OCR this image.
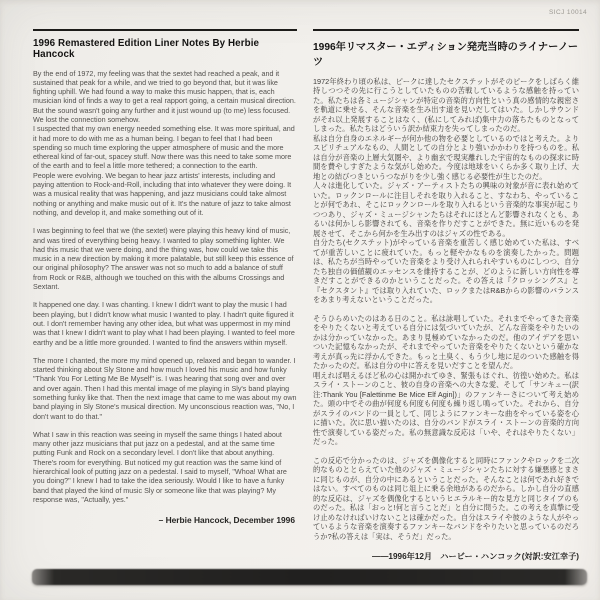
SICJ 10014
1996 Remastered Edition Liner Notes By Herbie Hancock

By the end of 1972, my feeling was that the sextet had reached a peak, and it sustained that peak for a while, and we tried to go beyond that, but it was like fighting uphill. We had found a way to make this music happen, that is, each musician kind of finds a way to get a real rapport going, a certain musical direction. But the sound wasn't going any further and it just wound up (to me) less focused. We lost the connection somehow.

I suspected that my own energy needed something else. It was more spiritual, and it had more to do with me as a human being. I began to feel that I had been spending so much time exploring the upper atmosphere of music and the more ethereal kind of far-out, spacey stuff. Now there was this need to take some more of the earth and to feel a little more tethered; a connection to the earth.

People were evolving. We began to hear jazz artists' interests, including and paying attention to Rock-and-Roll, including that into whatever they were doing. It was a musical reality that was happening, and jazz musicians could take almost nothing or anything and make music out of it. It's the nature of jazz to take almost nothing, and develop it, and make something out of it.

I was beginning to feel that we (the sextet) were playing this heavy kind of music, and was tired of everything being heavy. I wanted to play something lighter. We had this music that we were doing, and the thing was, how could we take this music in a new direction by making it more palatable, but still keep this essence of our original philosophy? The answer was not so much to add a balance of stuff from Rock or R&B, although we touched on this with the albums Crossings and Sextant.

It happened one day. I was chanting. I knew I didn't want to play the music I had been playing, but I didn't know what music I wanted to play. I hadn't quite figured it out. I don't remember having any other idea, but what was uppermost in my mind was that I knew I didn't want to play what I had been playing. I wanted to feel more earthy and be a little more grounded. I wanted to find the answers within myself.

The more I chanted, the more my mind opened up, relaxed and began to wander. I started thinking about Sly Stone and how much I loved his music and how funky "Thank You For Letting Me Be Myself" is. I was hearing that song over and over and over again. Then I had this mental image of me playing in Sly's band playing something funky like that. Then the next image that came to me was about my own band playing in Sly Stone's musical direction. My unconscious reaction was, "No, I don't want to do that."

What I saw in this reaction was seeing in myself the same things I hated about many other jazz musicians that put jazz on a pedestal, and at the same time putting Funk and Rock on a secondary level. I don't like that about anything. There's room for everything. But noticed my gut reaction was the same kind of hierarchical look of putting jazz on a pedestal. I said to myself, "Whoa! What are you doing?" I knew I had to take the idea seriously. Would I like to have a funky band that played the kind of music Sly or someone like that was playing? My response was, "Actually, yes."

– Herbie Hancock, December 1996

1996年リマスター・エディション発売当時のライナーノーツ

1972年終わり頃の私は、ピークに達したセクステットがそのピークをしばらく維持しつつその先に行こうとしていたものの苦戦しているような感触を持っていた。私たちは各ミュージシャンが特定の音楽的方向性という真の感情的な親密さを軌道に乗せる、そんな音楽を生み出す道を見いだしてはいた。しかしサウンドがそれ以上発展することはなく、(私にしてみれば)集中力の落ちたものとなってしまった。私たちはどういう訳か結束力を失ってしまったのだ。

私は自分自身のエネルギーが何か他の物を必要としているのではと考えた。よりスピリチュアルなもの、人間としての自分とより強いかかわりを持つものを。私は自分が音楽の上層大気圏や、より幽玄で現実離れした宇宙的なものの探求に時間を費やしすぎたような気がし始めた。今度は地球をいくらか多く取り上げ、大地との結びつきというつながりを少し強く感じる必要性が生じたのだ。

人々は進化していた。ジャズ・アーティストたちの興味の対象が音に表れ始めていた。ロックンロールに注目しそれを取り入れること、すなわち、やっていることが何であれ、そこにロックンロールを取り入れるという音楽的な事実が起こりつつあり、ジャズ・ミュージシャンたちはそれにほとんど影響されなくとも、あるいは何かしら影響されても、音楽を作りだすことができた。無に近いものを発展させて、そこから何かを生み出すのはジャズの性である。

自分たち(セクステット)がやっている音楽を重苦しく感じ始めていた私は、すべてが重苦しいことに疲れていた。もっと軽やかなものを演奏したかった。問題は、私たちが当時やっていた音楽をより受け入れられやすいものにしつつ、自分たち独自の価値観のエッセンスを維持することが、どのように新しい方向性を導きだすことができるのかということだった。その答えは『クロッシングス』と『セクスタント』では取り入れていた、ロックまたはR&Bからの影響のバランスをあまり考えないということだった。

そうひらめいたのはある日のこと。私は詠唱していた。それまでやってきた音楽をやりたくないと考えている自分には気づいていたが、どんな音楽をやりたいのかは分かっていなかった。あまり見極めていなかったのだ。他のアイデアを思いついた記憶もなかったが、それまでやっていた音楽をやりたくないという確かな考えが真っ先に浮かんできた。もっと土臭く、もう少し地に足のついた感触を得たかったのだ。私は自分の中に答えを見いだすことを望んだ。

唱えれば唱えるほど私の心は開かれてゆき、緊張もほぐれ、彷徨い始めた。私はスライ・ストーンのこと、彼の自身の音楽への大きな愛、そして「サンキュー(訳注:Thank You [Falettinme Be Mice Elf Agin])」のファンキーさについて考え始めた。頭の中でその曲が何度も何度も何度も繰り返し鳴っていた。それから、自分がスライのバンドの一員として、同じようにファンキーな曲をやっている姿を心に描いた。次に思い描いたのは、自分のバンドがスライ・ストーンの音楽的方向性で演奏している姿だった。私の無意識な反応は「いや、それはやりたくない」だった。

この反応で分かったのは、ジャズを偶像化すると同時にファンクやロックを二次的なものととらえていた他のジャズ・ミュージシャンたちに対する嫌悪感とまさに同じものが、自分の中にあるということだった。そんなことは何であれ好きではない。すべてのものは同じ俎上に乗る余地があるのだから。しかし自分の直感的な反応は、ジャズを偶像化するというヒエラルキー的な見方と同じタイプのものだった。私は「おっと!何と言うことだ」と自分に問うた。この考えを真摯に受け止めなければいけないことは確かだった。自分はスライや彼のような人がやっているような音楽を演奏するファンキーなバンドをやりたいと思っているのだろうか?私の答えは「実は、そうだ」だった。

――1996年12月　ハービー・ハンコック(対訳:安江幸子)
